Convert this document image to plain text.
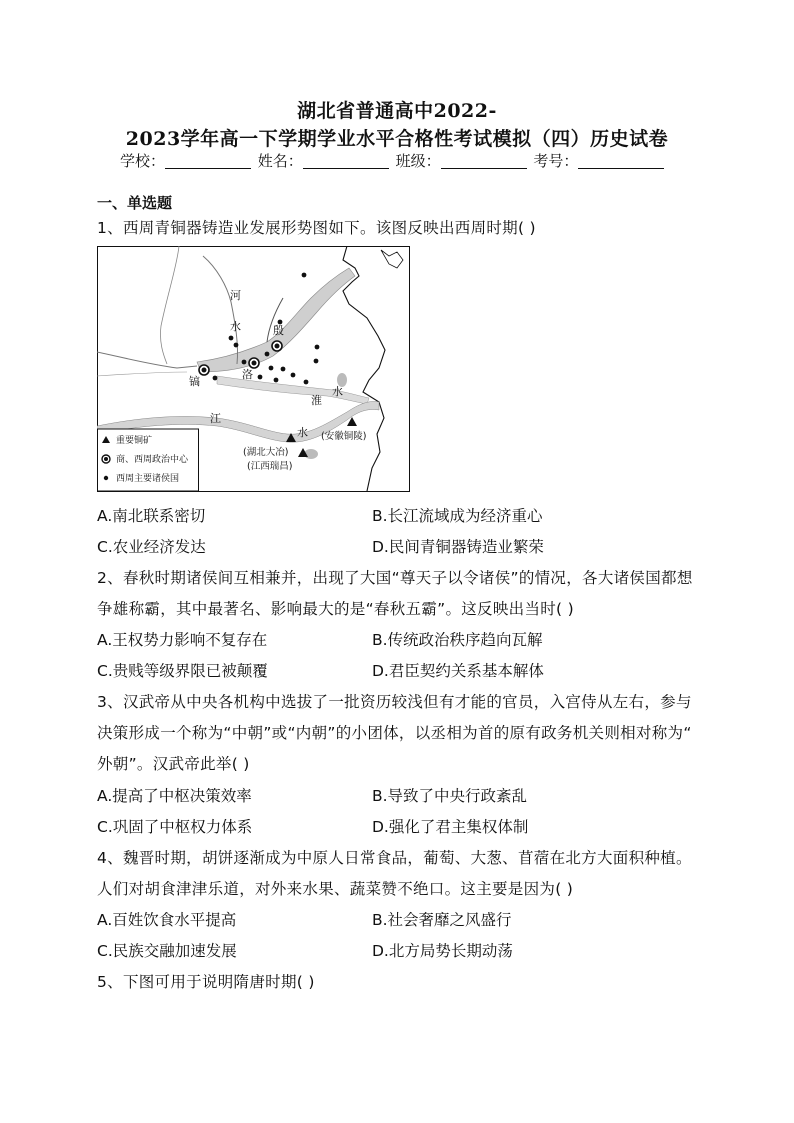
湖北省普通高中2022-
2023学年高一下学期学业水平合格性考试模拟（四）历史试卷
学校：	姓名：	班级：	考号：
一、单选题
1、西周青铜器铸造业发展形势图如下。该图反映出西周时期( )
河
水	殷
镐
洛
淮
水
江
水
(湖北大冶)
(江西瑞昌)
(安徽铜陵)
重要铜矿
商、西周政治中心
西周主要诸侯国
A.南北联系密切	B.长江流域成为经济重心
C.农业经济发达	D.民间青铜器铸造业繁荣
2、春秋时期诸侯间互相兼并，出现了大国“尊天子以令诸侯”的情况，各大诸侯国都想
争雄称霸，其中最著名、影响最大的是“春秋五霸”。这反映出当时( )
A.王权势力影响不复存在	B.传统政治秩序趋向瓦解
C.贵贱等级界限已被颠覆	D.君臣契约关系基本解体
3、汉武帝从中央各机构中选拔了一批资历较浅但有才能的官员，入宫侍从左右，参与
决策形成一个称为“中朝”或“内朝”的小团体，以丞相为首的原有政务机关则相对称为“
外朝”。汉武帝此举( )
A.提高了中枢决策效率	B.导致了中央行政紊乱
C.巩固了中枢权力体系	D.强化了君主集权体制
4、魏晋时期，胡饼逐渐成为中原人日常食品，葡萄、大葱、苜蓿在北方大面积种植。
人们对胡食津津乐道，对外来水果、蔬菜赞不绝口。这主要是因为( )
A.百姓饮食水平提高	B.社会奢靡之风盛行
C.民族交融加速发展	D.北方局势长期动荡
5、下图可用于说明隋唐时期( )
